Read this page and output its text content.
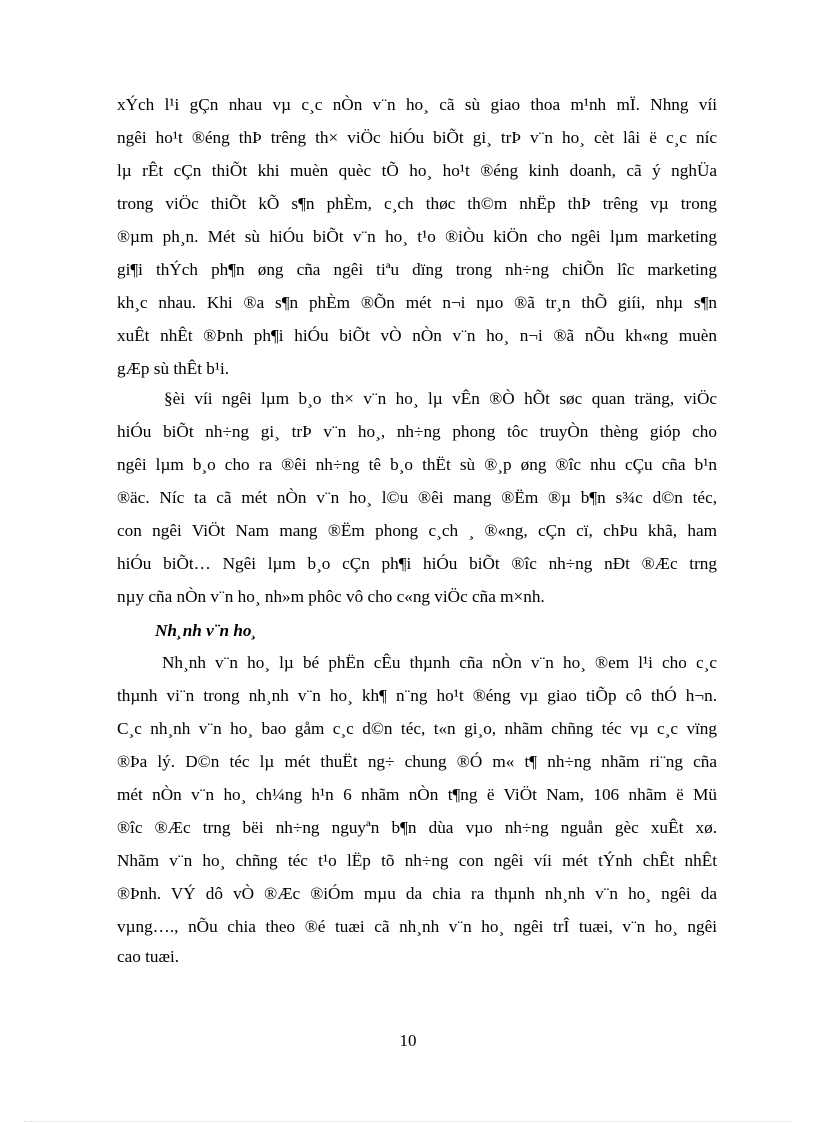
xÝch l¹i gÇn nhau vµ c¸c nÒn v¨n ho¸ cã sù giao thoa m¹nh mÏ. Nhng víi
ngêi ho¹t ®éng thÞ trêng th× viÖc hiÓu biÕt gi¸ trÞ v¨n ho¸ cèt lâi ë c¸c níc
lµ rÊt cÇn thiÕt khi muèn quèc tÕ ho¸ ho¹t ®éng kinh doanh, cã ý nghÜa
trong viÖc thiÕt kÕ s¶n phÈm, c¸ch thøc th©m nhËp thÞ trêng vµ trong
®µm ph¸n. Mét sù hiÓu biÕt v¨n ho¸ t¹o ®iÒu kiÖn cho ngêi lµm marketing
gi¶i thÝch ph¶n øng cña ngêi tiªu dïng trong nh÷ng chiÕn lîc marketing
kh¸c nhau. Khi ®a s¶n phÈm ®Õn mét n¬i nµo ®ã tr¸n thÕ giíi, nhµ s¶n
xuÊt nhÊt ®Þnh ph¶i hiÓu biÕt vÒ nÒn v¨n ho¸ n¬i ®ã nÕu kh«ng muèn
gÆp sù thÊt b¹i.
§èi víi ngêi lµm b¸o th× v¨n ho¸ lµ vÊn ®Ò hÕt søc quan träng, viÖc
hiÓu biÕt nh÷ng gi¸ trÞ v¨n ho¸, nh÷ng phong tôc truyÒn thèng gióp cho
ngêi lµm b¸o cho ra ®êi nh÷ng tê b¸o thËt sù ®¸p øng ®îc nhu cÇu cña b¹n
®äc. Níc ta cã mét nÒn v¨n ho¸ l©u ®êi mang ®Ëm ®µ b¶n s¾c d©n téc,
con ngêi ViÖt Nam mang ®Ëm phong c¸ch ¸ ®«ng, cÇn cï, chÞu khã, ham
hiÓu biÕt… Ngêi lµm b¸o cÇn ph¶i hiÓu biÕt ®îc nh÷ng nÐt ®Æc trng
nµy cña nÒn v¨n ho¸ nh»m phôc vô cho c«ng viÖc cña m×nh.
Nh¸nh v¨n ho¸
Nh¸nh v¨n ho¸ lµ bé phËn cÊu thµnh cña nÒn v¨n ho¸ ®em l¹i cho c¸c
thµnh vi¨n trong nh¸nh v¨n ho¸ kh¶ n¨ng ho¹t ®éng vµ giao tiÕp cô thÓ h¬n.
C¸c nh¸nh v¨n ho¸ bao gåm c¸c d©n téc, t«n gi¸o, nhãm chñng téc vµ c¸c vïng
®Þa lý. D©n téc lµ mét thuËt ng÷ chung ®Ó m« t¶ nh÷ng nhãm ri¨ng cña
mét nÒn v¨n ho¸ ch¼ng h¹n 6 nhãm nÒn t¶ng ë ViÖt Nam, 106 nhãm ë Mü
®îc ®Æc trng bëi nh÷ng nguyªn b¶n dùa vµo nh÷ng nguån gèc xuÊt xø.
Nhãm v¨n ho¸ chñng téc t¹o lËp tõ nh÷ng con ngêi víi mét tÝnh chÊt nhÊt
®Þnh. VÝ dô vÒ ®Æc ®iÓm mµu da chia ra thµnh nh¸nh v¨n ho¸ ngêi da
vµng…., nÕu chia theo ®é tuæi cã nh¸nh v¨n ho¸ ngêi trÎ tuæi, v¨n ho¸ ngêi
cao tuæi.
10
